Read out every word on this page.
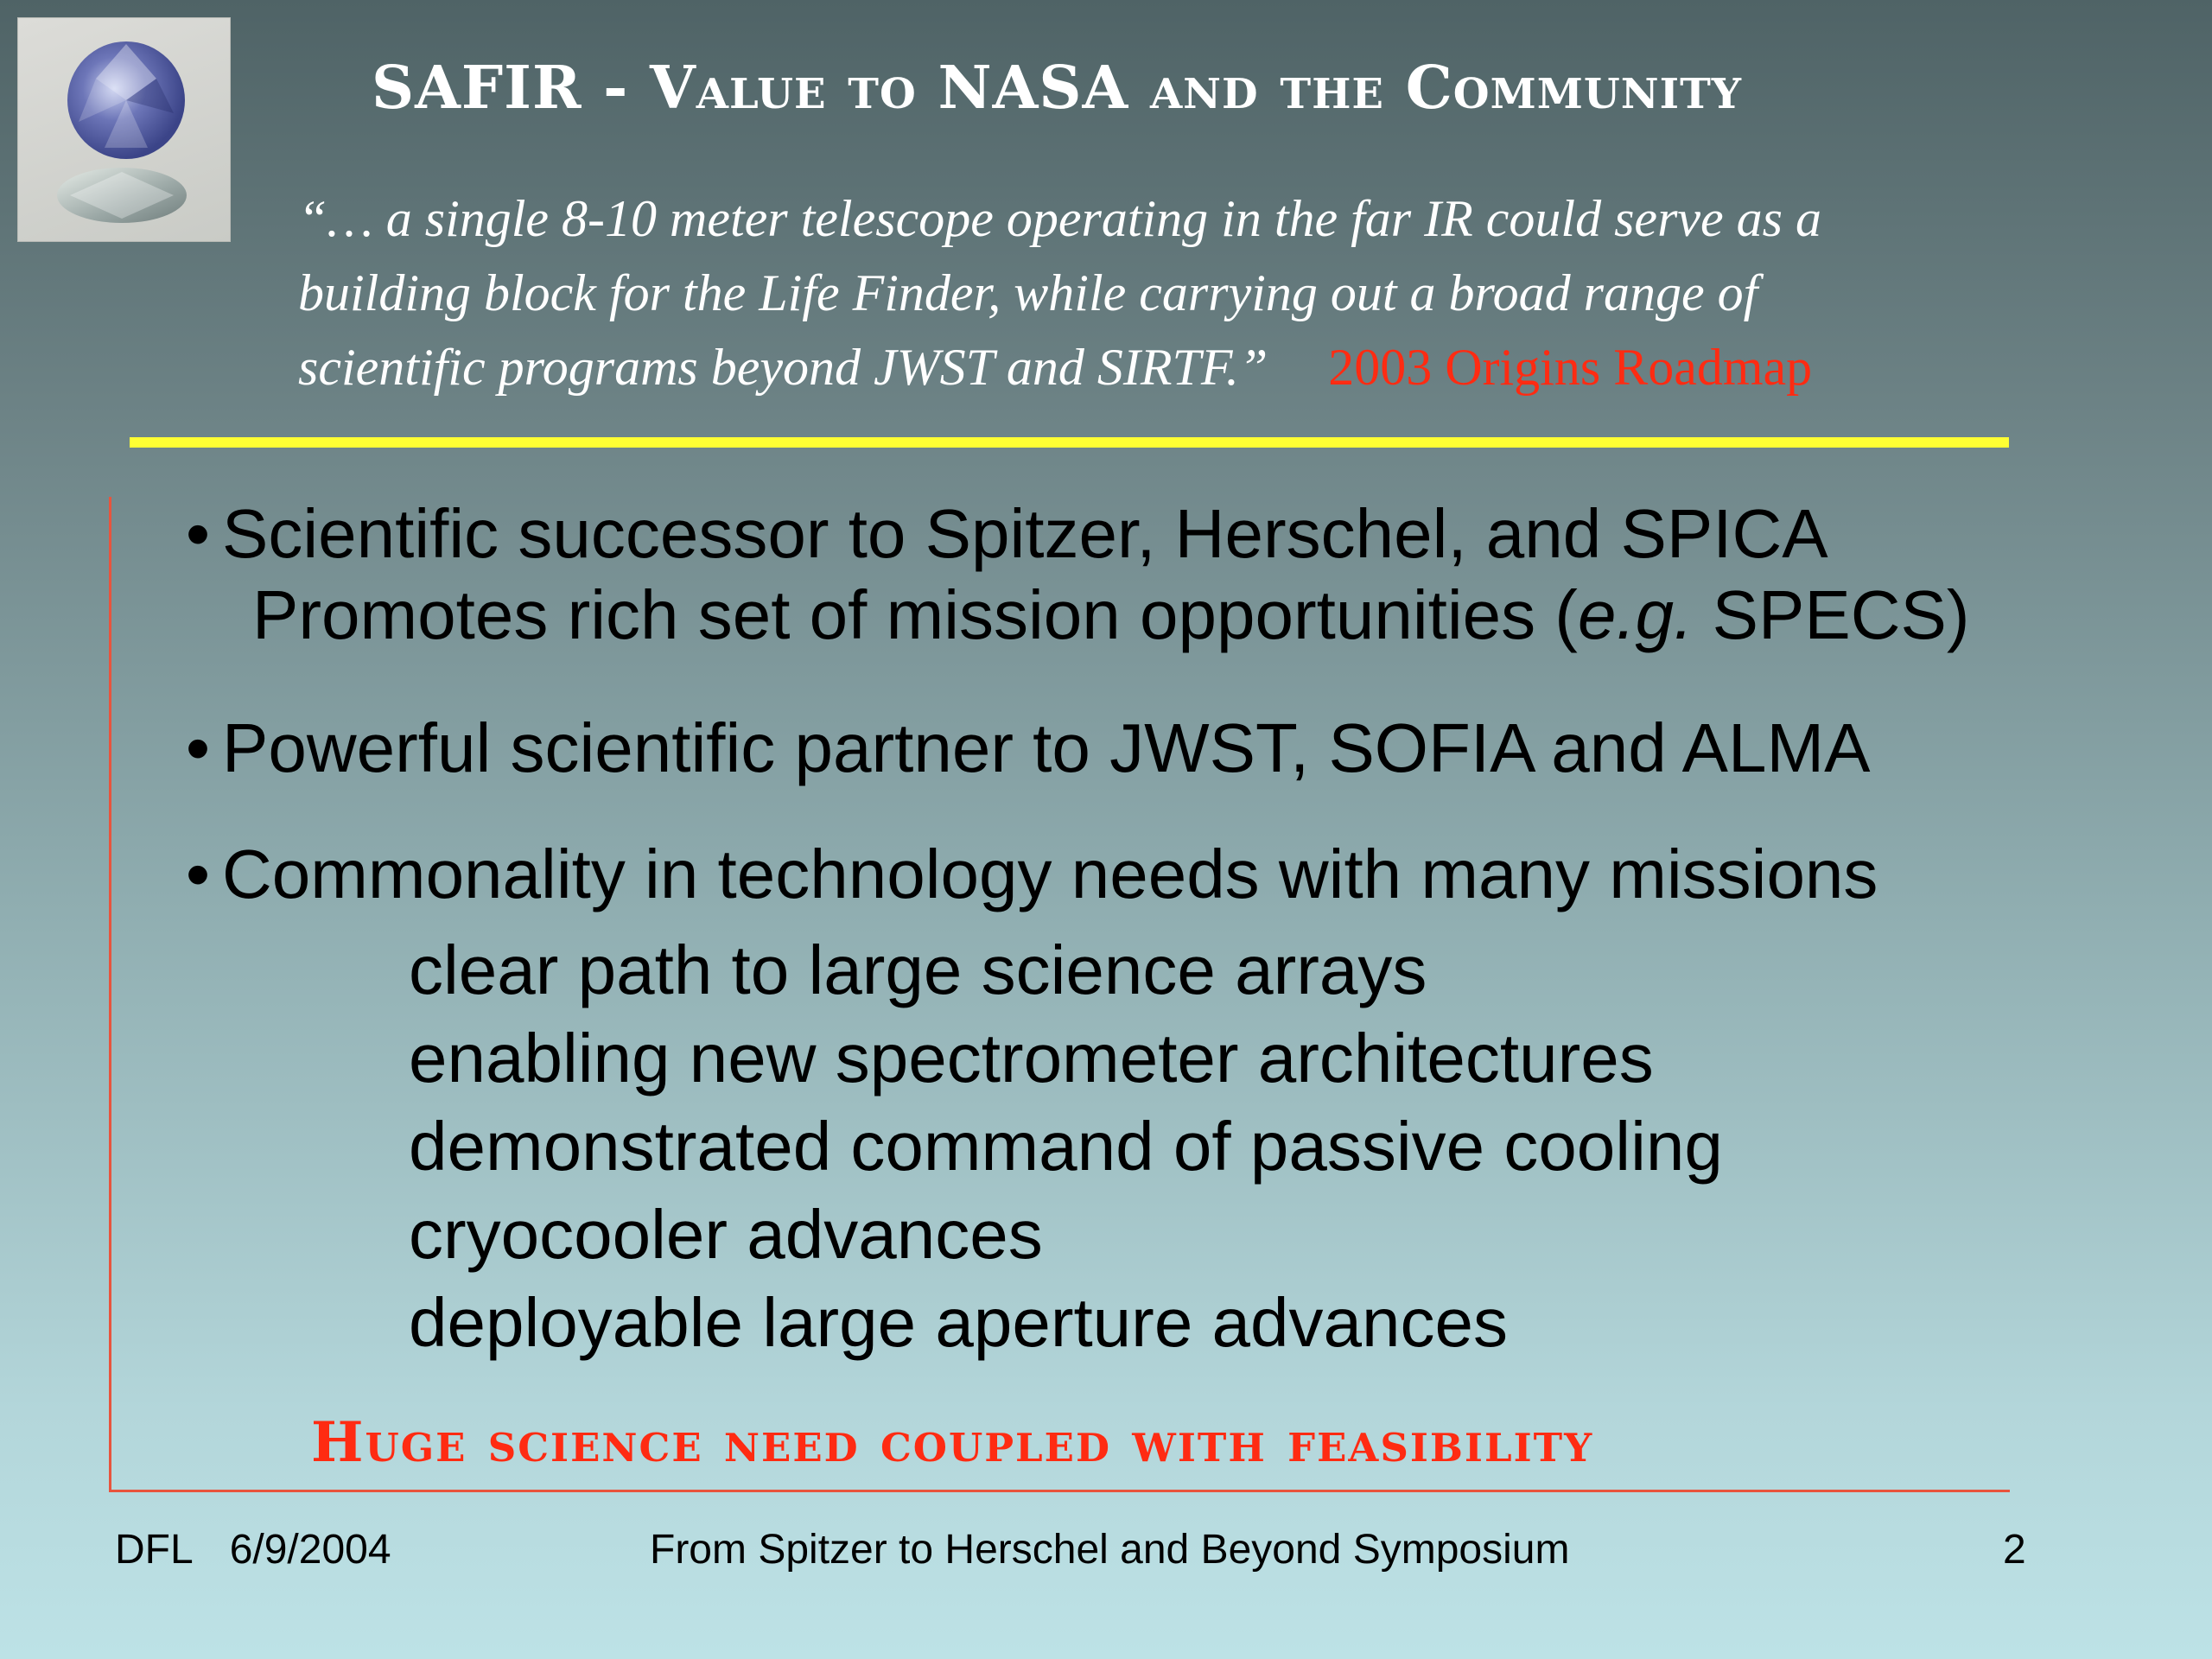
SAFIR - Value to NASA and the Community
“… a single 8-10 meter telescope operating in the far IR could serve as a
building block for the Life Finder, while carrying out a broad range of
scientific programs beyond JWST and SIRTF.” 2003 Origins Roadmap
• Scientific successor to Spitzer, Herschel, and SPICA
Promotes rich set of mission opportunities (e.g. SPECS)
• Powerful scientific partner to JWST, SOFIA and ALMA
• Commonality in technology needs with many missions
clear path to large science arrays
enabling new spectrometer architectures
demonstrated command of passive cooling
cryocooler advances
deployable large aperture advances
Huge science need coupled with feasibility
DFL 6/9/2004	From Spitzer to Herschel and Beyond Symposium	2
